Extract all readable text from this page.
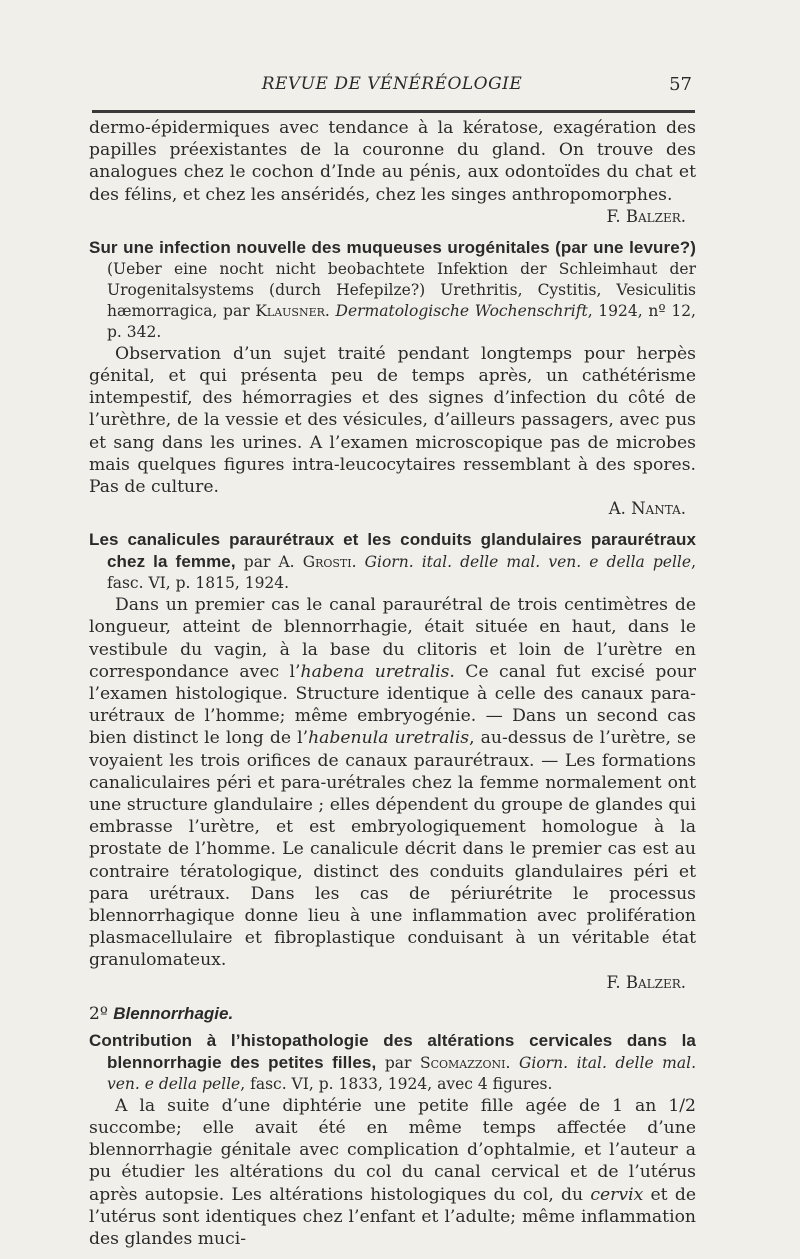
REVUE DE VÉNÉRÉOLOGIE	57

dermo-épidermiques avec tendance à la kératose, exagération des papilles préexistantes de la couronne du gland. On trouve des analogues chez le cochon d’Inde au pénis, aux odontoïdes du chat et des félins, et chez les anséridés, chez les singes anthropomorphes.

F. Balzer.

Sur une infection nouvelle des muqueuses urogénitales (par une levure?) (Ueber eine nocht nicht beobachtete Infektion der Schleimhaut der Urogenitalsystems (durch Hefepilze?) Urethritis, Cystitis, Vesiculitis hæmorragica, par Klausner. Dermatologische Wochenschrift, 1924, nº 12, p. 342.

Observation d’un sujet traité pendant longtemps pour herpès génital, et qui présenta peu de temps après, un cathétérisme intempestif, des hémorragies et des signes d’infection du côté de l’urèthre, de la vessie et des vésicules, d’ailleurs passagers, avec pus et sang dans les urines. A l’examen microscopique pas de microbes mais quelques figures intra-leucocytaires ressemblant à des spores. Pas de culture.

A. Nanta.

Les canalicules paraurétraux et les conduits glandulaires paraurétraux chez la femme, par A. Grosti. Giorn. ital. delle mal. ven. e della pelle, fasc. VI, p. 1815, 1924.

Dans un premier cas le canal paraurétral de trois centimètres de longueur, atteint de blennorrhagie, était située en haut, dans le vestibule du vagin, à la base du clitoris et loin de l’urètre en correspondance avec l’habena uretralis. Ce canal fut excisé pour l’examen histologique. Structure identique à celle des canaux para-urétraux de l’homme; même embryogénie. — Dans un second cas bien distinct le long de l’habenula uretralis, au-dessus de l’urètre, se voyaient les trois orifices de canaux paraurétraux. — Les formations canaliculaires péri et para-urétrales chez la femme normalement ont une structure glandulaire ; elles dépendent du groupe de glandes qui embrasse l’urètre, et est embryologiquement homologue à la prostate de l’homme. Le canalicule décrit dans le premier cas est au contraire tératologique, distinct des conduits glandulaires péri et para urétraux. Dans les cas de périurétrite le processus blennorrhagique donne lieu à une inflammation avec prolifération plasmacellulaire et fibroplastique conduisant à un véritable état granulomateux.

F. Balzer.

2º Blennorrhagie.

Contribution à l’histopathologie des altérations cervicales dans la blennorrhagie des petites filles, par Scomazzoni. Giorn. ital. delle mal. ven. e della pelle, fasc. VI, p. 1833, 1924, avec 4 figures.

A la suite d’une diphtérie une petite fille agée de 1 an 1/2 succombe; elle avait été en même temps affectée d’une blennorrhagie génitale avec complication d’ophtalmie, et l’auteur a pu étudier les altérations du col du canal cervical et de l’utérus après autopsie. Les altérations histologiques du col, du cervix et de l’utérus sont identiques chez l’enfant et l’adulte; même inflammation des glandes muci-
